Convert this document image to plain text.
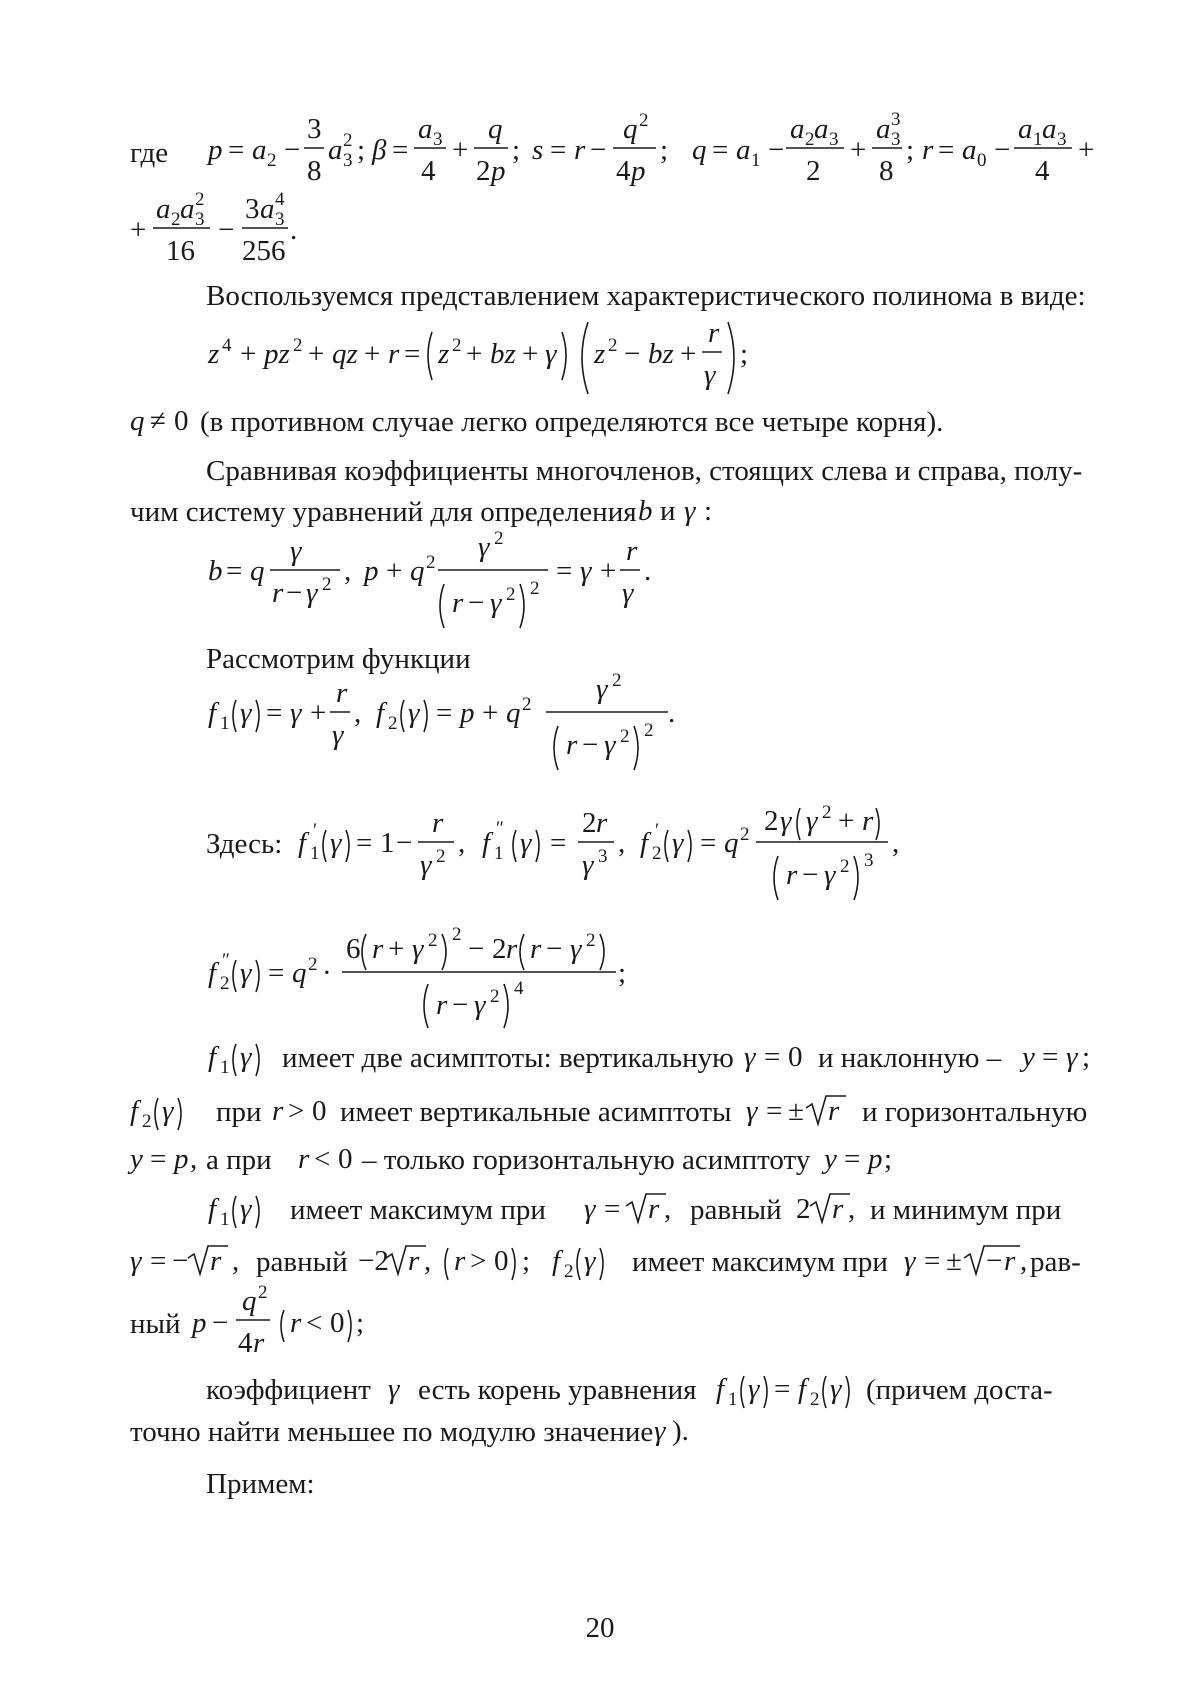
где p = a 2 −
3
8
a 3
2 ; β =
a 3
4
+
q
2 p
; s = r −
q 2
4 p
; q = a 1 −
a 2 a 3
2
+
a 3
3
8
; r = a 0 −
a 1 a 3
4
+
+
a 2 a 3
2
16
−
3 a 3
4
256
.
Воспользуемся представлением характеристического полинома в виде:
z 4 + pz 2 + qz + r = z 2 + bz + γ z 2 − bz +
r
γ
;
q ≠ 0 (в противном случае легко определяются все четыре корня).
Сравнивая коэффициенты многочленов, стоящих слева и справа, полу-
чим систему уравнений для определения b и γ :
b = q
γ
r − γ 2 , p + q 2 γ 2
r − γ 2 2
= γ +
r
γ
.
Рассмотрим функции
f 1 γ = γ +
r
γ
, f 2 γ = p + q 2 γ 2
r − γ 2 2
.
Здесь: f 1
′ γ = 1 −
r
γ 2 , f 1
″ γ =
2 r
γ 3 , f 2
′ γ = q 2 2 γ γ 2 + r
r − γ 2 3
,
f 2
″ γ = q 2 ·
6 r + γ 2 2 − 2 r r − γ 2
r − γ 2 4	;
f 1 γ	γ = 0	y = γ ;
f 2 γ	r > 0	γ = ± r
y = p ,	r < 0	y = p ;
имеет две асимптоты: вертикальную	и наклонную –
при	имеет вертикальные асимптоты	и горизонтальную
а при	– только горизонтальную асимптоту
f 1 γ	γ = r ,	2 r ,
γ = − r ,	−2 r , r > 0 ; f 2 γ	γ = ± − r ,
p −
q 2
4 r
r < 0 ;
имеет максимум при	равный	и минимум при
равный	имеет максимум при	рав-
ный
γ	f 1 γ = f 2 γ
γ ).
коэффициент есть корень уравнения	(причем доста-
точно найти меньшее по модулю значение
Примем:
20
